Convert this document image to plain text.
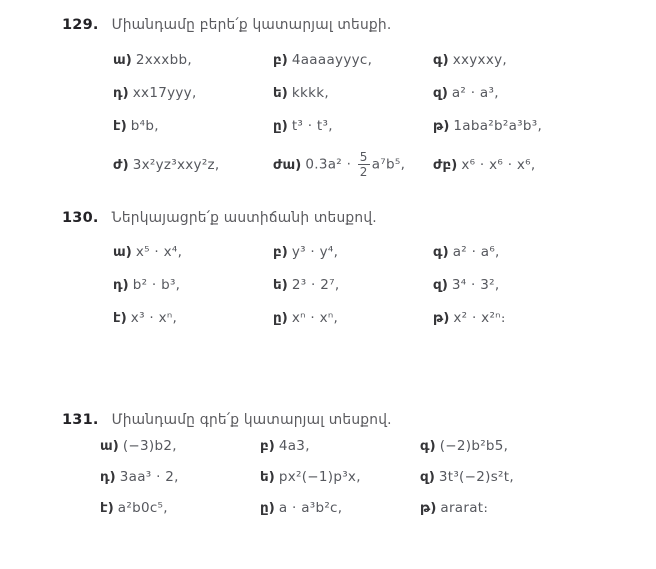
129. Միանդամը բերե՛ք կատարյալ տեսքի.
ա) 2xxxbb,	բ) 4aaaayyyc,	գ) xxyxxy,
դ) xx17yyy,	ե) kkkk,	զ) a² · a³,
է) b⁴b,	ը) t³ · t³,	թ) 1aba²b²a³b³,
ժ) 3x²yz³xxy²z,	ժա) $0.3a^2 \cdot \frac{5}{2} a^7b^5$, ժբ) x⁶ · x⁶ · x⁶,
130. Ներկայացրե՛ք աստիճանի տեսքով.
ա) x⁵ · x⁴,	բ) y³ · y⁴,	գ) a² · a⁶,
դ) b² · b³,	ե) 2³ · 2⁷,	զ) 3⁴ · 3²,
է) x³ · xⁿ,	ը) xⁿ · xⁿ,	թ) x² · x²ⁿ։
131. Միանդամը գրե՛ք կատարյալ տեսքով.
ա) (−3)b2,	բ) 4a3,	գ) (−2)b²b5,
դ) 3aa³ · 2,	ե) px²(−1)p³x,	զ) 3t³(−2)s²t,
է) a²b0c⁵,	ը) a · a³b²c,	թ) ararat։
